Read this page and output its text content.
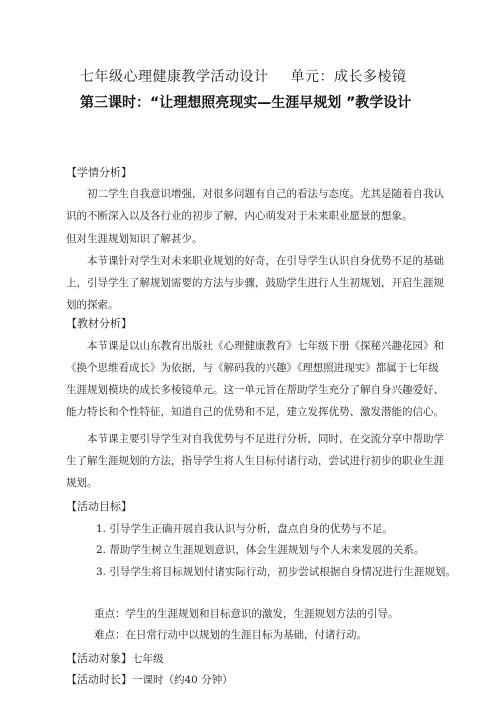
七年级心理健康教学活动设计 单元：成长多棱镜
第三课时：“让理想照亮现实—生涯早规划 ”教学设计
【学情分析】
初二学生自我意识增强，对很多问题有自己的看法与态度。尤其是随着自我认识的不断深入以及各行业的初步了解，内心萌发对于未来职业愿景的想象。
但对生涯规划知识了解甚少。
本节课针对学生对未来职业规划的好奇，在引导学生认识自身优势不足的基础上，引导学生了解规划需要的方法与步骤，鼓励学生进行人生初规划，开启生涯规划的探索。
【教材分析】
本节课是以山东教育出版社《心理健康教育》七年级下册《探秘兴趣花园》和《换个思维看成长》为依据，与《解码我的兴趣》《理想照进现实》都属于七年级生涯规划模块的成长多棱镜单元。这一单元旨在帮助学生充分了解自身兴趣爱好、能力特长和个性特征，知道自己的优势和不足，建立发挥优势、激发潜能的信心。
本节课主要引导学生对自我优势与不足进行分析，同时，在交流分享中帮助学生了解生涯规划的方法，指导学生将人生目标付诸行动，尝试进行初步的职业生涯规划。
【活动目标】
1. 引导学生正确开展自我认识与分析，盘点自身的优势与不足。
2. 帮助学生树立生涯规划意识，体会生涯规划与个人未来发展的关系。
3. 引导学生将目标规划付诸实际行动，初步尝试根据自身情况进行生涯规划。
重点：学生的生涯规划和目标意识的激发，生涯规划方法的引导。
难点：在日常行动中以规划的生涯目标为基础，付诸行动。
【活动对象】七年级
【活动时长】一课时（约40 分钟）
